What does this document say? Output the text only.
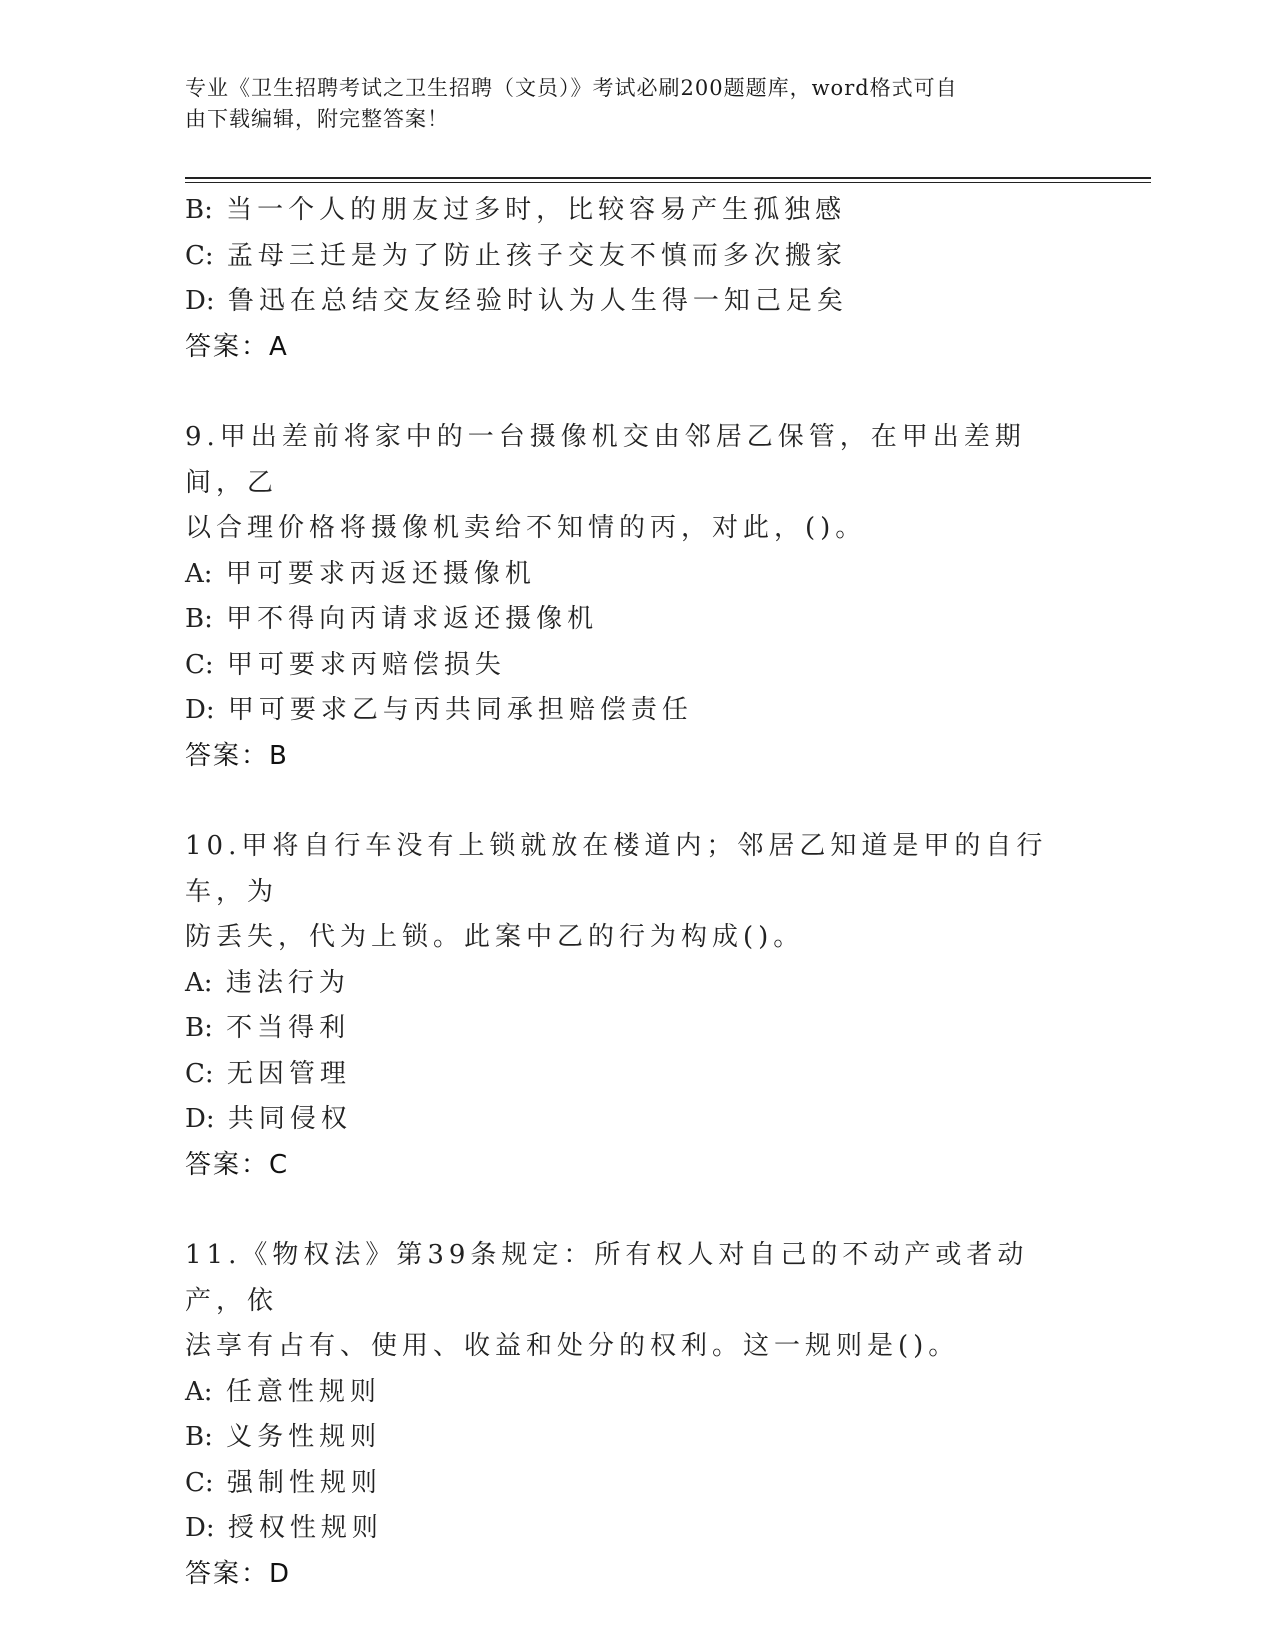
专业《卫生招聘考试之卫生招聘（文员）》考试必刷200题题库，word格式可自
由下载编辑，附完整答案！
B: 当一个人的朋友过多时，比较容易产生孤独感
C: 孟母三迁是为了防止孩子交友不慎而多次搬家
D: 鲁迅在总结交友经验时认为人生得一知己足矣
答案：A
9.甲出差前将家中的一台摄像机交由邻居乙保管，在甲出差期间，乙
以合理价格将摄像机卖给不知情的丙，对此，()。
A: 甲可要求丙返还摄像机
B: 甲不得向丙请求返还摄像机
C: 甲可要求丙赔偿损失
D: 甲可要求乙与丙共同承担赔偿责任
答案：B
10.甲将自行车没有上锁就放在楼道内；邻居乙知道是甲的自行车，为
防丢失，代为上锁。此案中乙的行为构成()。
A: 违法行为
B: 不当得利
C: 无因管理
D: 共同侵权
答案：C
11.《物权法》第39条规定：所有权人对自己的不动产或者动产，依
法享有占有、使用、收益和处分的权利。这一规则是()。
A: 任意性规则
B: 义务性规则
C: 强制性规则
D: 授权性规则
答案：D
